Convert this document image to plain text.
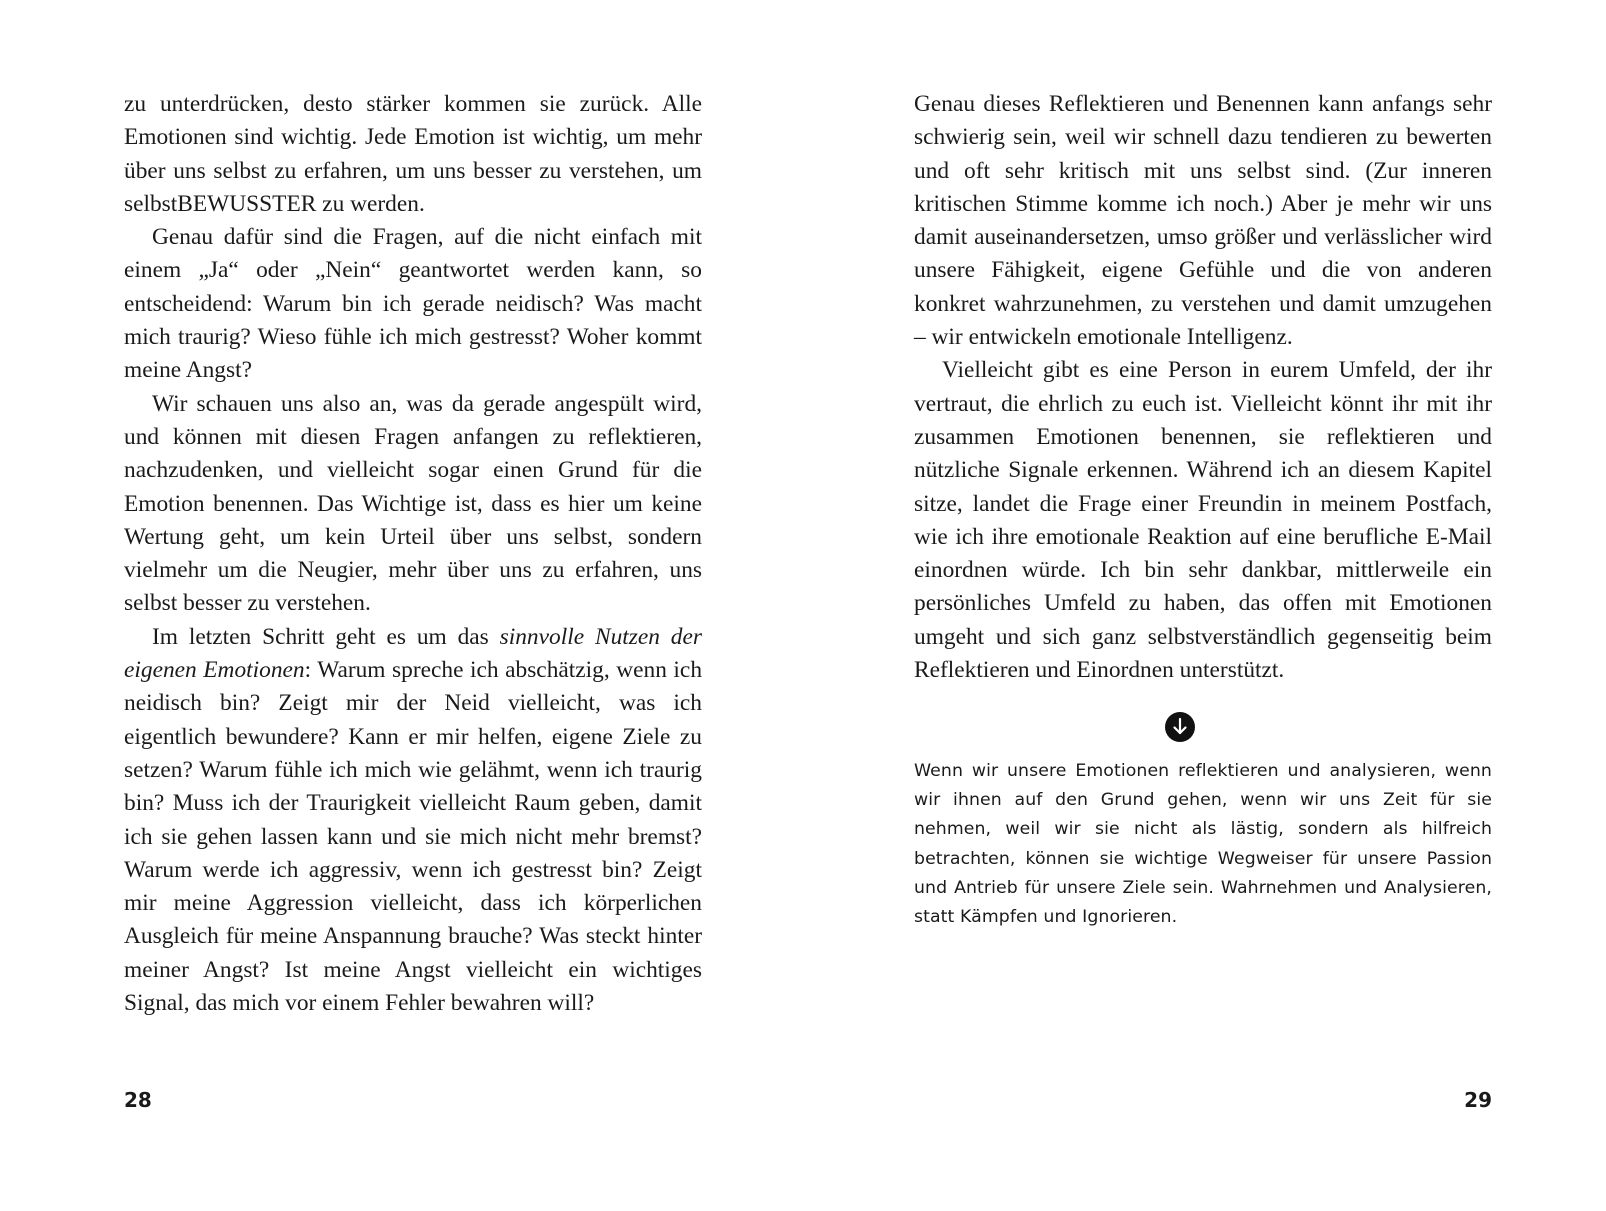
zu unterdrücken, desto stärker kommen sie zurück. Alle Emotionen sind wichtig. Jede Emotion ist wichtig, um mehr über uns selbst zu erfahren, um uns besser zu verstehen, um selbstBEWUSSTER zu werden.

Genau dafür sind die Fragen, auf die nicht einfach mit einem „Ja“ oder „Nein“ geantwortet werden kann, so entscheidend: Warum bin ich gerade neidisch? Was macht mich traurig? Wieso fühle ich mich gestresst? Woher kommt meine Angst?

Wir schauen uns also an, was da gerade angespült wird, und können mit diesen Fragen anfangen zu reflektieren, nachzudenken, und vielleicht sogar einen Grund für die Emotion benennen. Das Wichtige ist, dass es hier um keine Wertung geht, um kein Urteil über uns selbst, sondern vielmehr um die Neugier, mehr über uns zu erfahren, uns selbst besser zu verstehen.

Im letzten Schritt geht es um das sinnvolle Nutzen der eigenen Emotionen: Warum spreche ich abschätzig, wenn ich neidisch bin? Zeigt mir der Neid vielleicht, was ich eigentlich bewundere? Kann er mir helfen, eigene Ziele zu setzen? Warum fühle ich mich wie gelähmt, wenn ich traurig bin? Muss ich der Traurigkeit vielleicht Raum geben, damit ich sie gehen lassen kann und sie mich nicht mehr bremst? Warum werde ich aggressiv, wenn ich gestresst bin? Zeigt mir meine Aggression vielleicht, dass ich körperlichen Ausgleich für meine Anspannung brauche? Was steckt hinter meiner Angst? Ist meine Angst vielleicht ein wichtiges Signal, das mich vor einem Fehler bewahren will?

28

Genau dieses Reflektieren und Benennen kann anfangs sehr schwierig sein, weil wir schnell dazu tendieren zu bewerten und oft sehr kritisch mit uns selbst sind. (Zur inneren kritischen Stimme komme ich noch.) Aber je mehr wir uns damit auseinandersetzen, umso größer und verlässlicher wird unsere Fähigkeit, eigene Gefühle und die von anderen konkret wahrzunehmen, zu verstehen und damit umzugehen – wir entwickeln emotionale Intelligenz.

Vielleicht gibt es eine Person in eurem Umfeld, der ihr vertraut, die ehrlich zu euch ist. Vielleicht könnt ihr mit ihr zusammen Emotionen benennen, sie reflektieren und nützliche Signale erkennen. Während ich an diesem Kapitel sitze, landet die Frage einer Freundin in meinem Postfach, wie ich ihre emotionale Reaktion auf eine berufliche E-Mail einordnen würde. Ich bin sehr dankbar, mittlerweile ein persönliches Umfeld zu haben, das offen mit Emotionen umgeht und sich ganz selbstverständlich gegenseitig beim Reflektieren und Einordnen unterstützt.

Wenn wir unsere Emotionen reflektieren und analysieren, wenn wir ihnen auf den Grund gehen, wenn wir uns Zeit für sie nehmen, weil wir sie nicht als lästig, sondern als hilfreich betrachten, können sie wichtige Wegweiser für unsere Passion und Antrieb für unsere Ziele sein. Wahrnehmen und Analysieren, statt Kämpfen und Ignorieren.

29
